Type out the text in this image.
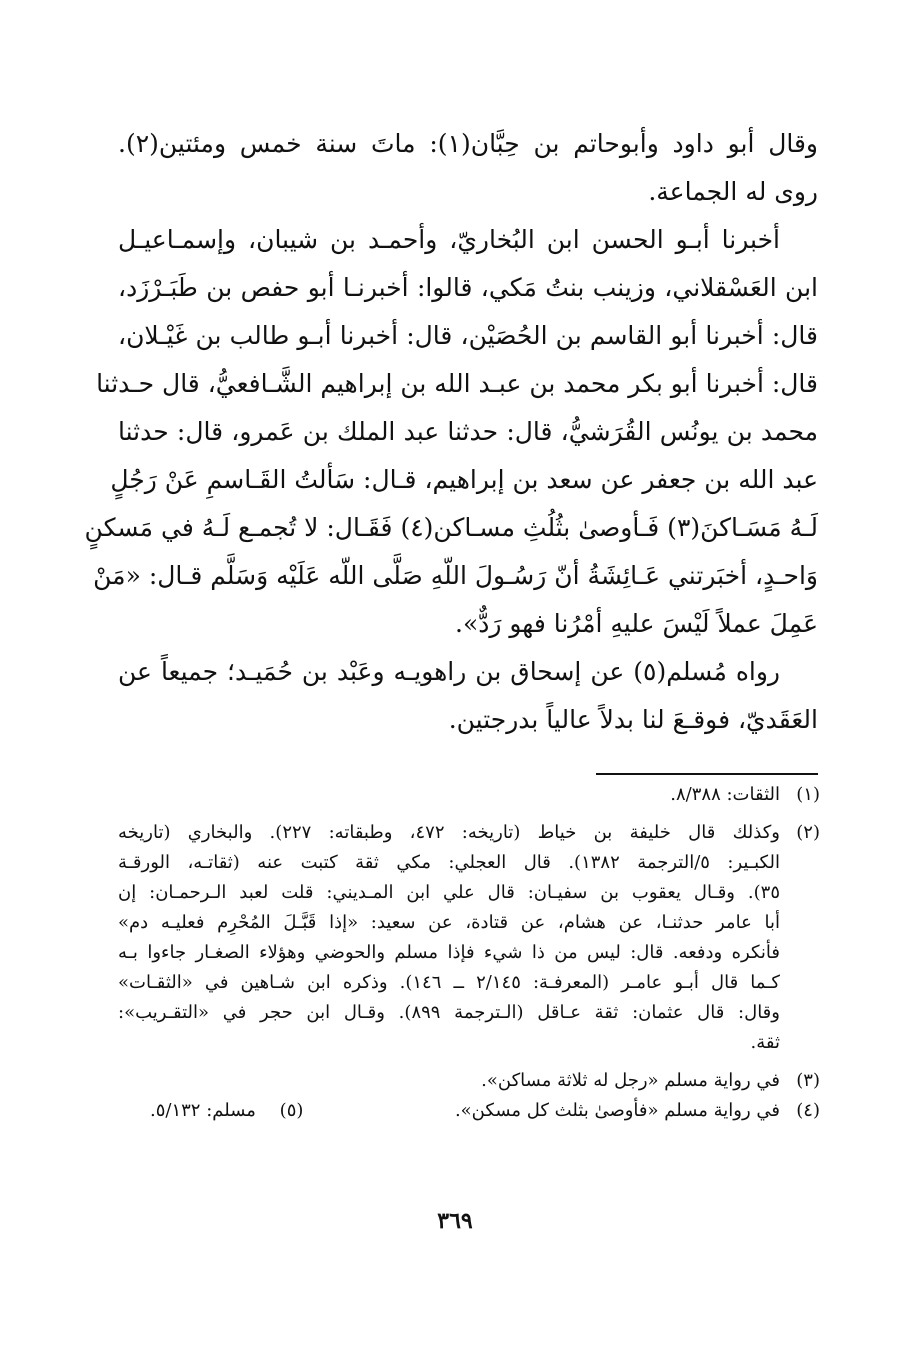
وقال أبو داود وأبوحاتم بن حِبَّان(١): ماتَ سنة خمس ومئتين(٢).
روى له الجماعة.
أخبرنا أبـو الحسن ابن البُخاريّ، وأحمـد بن شيبان، وإسمـاعيـل
ابن العَسْقلاني، وزينب بنتُ مَكي، قالوا: أخبرنـا أبو حفص بن طَبَـرْزَد،
قال: أخبرنا أبو القاسم بن الحُصَيْن، قال: أخبرنا أبـو طالب بن غَيْـلان،
قال: أخبرنا أبو بكر محمد بن عبـد الله بن إبراهيم الشَّـافعيُّ، قال حـدثنا
محمد بن يونُس القُرَشيُّ، قال: حدثنا عبد الملك بن عَمرو، قال: حدثنا
عبد الله بن جعفر عن سعد بن إبراهيم، قـال: سَألتُ القَـاسمِ عَنْ رَجُلٍ
لَـهُ مَسَـاكنَ(٣) فَـأوصىٰ بثُلُثِ مسـاكن(٤) فَقَـال: لا تُجمـع لَـهُ في مَسكنٍ
وَاحـدٍ، أخبَرتني عَـائِشَةُ أنّ رَسُـولَ اللّهِ صَلَّى اللّه عَلَيْه وَسَلَّم قـال: «مَنْ
عَمِلَ عملاً لَيْسَ عليهِ أمْرُنا فهو رَدٌّ».
رواه مُسلم(٥) عن إسحاق بن راهويـه وعَبْد بن حُمَيـد؛ جميعاً عن
العَقَديّ، فوقـعَ لنا بدلاً عالياً بدرجتين.
(١)
الثقات: ٨/٣٨٨.
(٢)
وكذلك قال خليفة بن خياط (تاريخه: ٤٧٢، وطبقاته: ٢٢٧). والبخاري (تاريخه
الكبـير: ٥/الترجمة ١٣٨٢). قال العجلي: مكي ثقة كتبت عنه (ثقاتـه، الورقـة
٣٥). وقـال يعقوب بن سفيـان: قال علي ابن المـديني: قلت لعبد الـرحمـان: إن
أبا عامر حدثنـا، عن هشام، عن قتادة، عن سعيد: «إذا قَبَّـلَ المُحْرِم فعليـه دم»
فأنكره ودفعه. قال: ليس من ذا شيء فإذا مسلم والحوضي وهؤلاء الصغـار جاءوا بـه
كـما قال أبـو عامـر (المعرفـة: ٢/١٤٥ ــ ١٤٦). وذكره ابن شـاهين في «الثقـات»
وقال: قال عثمان: ثقة عـاقل (الـترجمة ٨٩٩). وقـال ابن حجر في «التقـريب»:
ثقة.
(٣)
في رواية مسلم «رجل له ثلاثة مساكن».
(٤)
في رواية مسلم «فأوصىٰ بثلث كل مسكن».
(٥) مسلم: ٥/١٣٢.
٣٦٩
